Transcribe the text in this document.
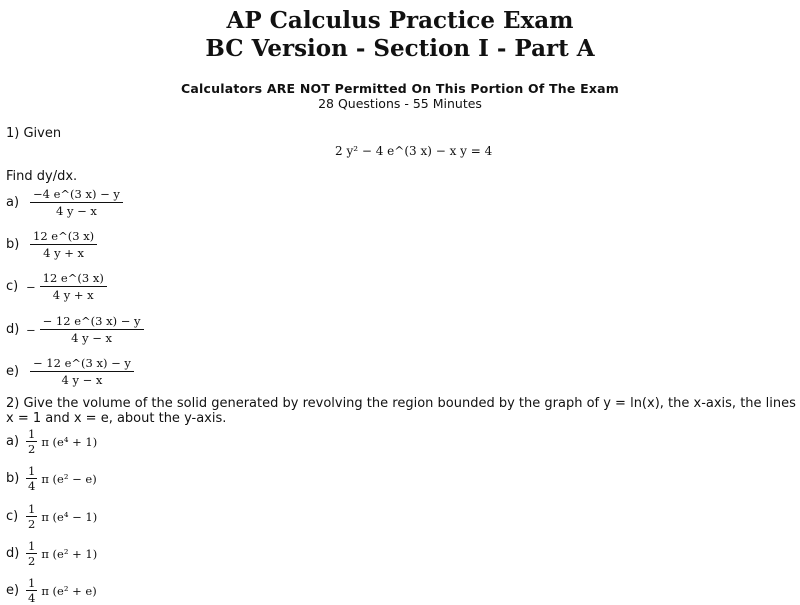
AP Calculus Practice Exam
BC Version - Section I - Part A
Calculators ARE NOT Permitted On This Portion Of The Exam
28 Questions - 55 Minutes
1) Given
2 y² − 4 e^(3 x) − x y = 4
Find dy/dx.
$a) \frac{-4 e\^{}(3 x) - y}{4 y - x}$
$b) \frac{12 e\^{}(3 x)}{4 y + x}$
$c) - \frac{12 e\^{}(3 x)}{4 y + x}$
$d) - \frac{- 12 e\^{}(3 x) - y}{4 y - x}$
$e) \frac{- 12 e\^{}(3 x) - y}{4 y - x}$
2) Give the volume of the solid generated by revolving the region bounded by the graph of y = ln(x), the x-axis, the lines x = 1 and x = e, about the y-axis.
$a) \frac{1}{2}$ π (e⁴ + 1)
$b) \frac{1}{4}$ π (e² − e)
$c) \frac{1}{2}$ π (e⁴ − 1)
$d) \frac{1}{2}$ π (e² + 1)
$e) \frac{1}{4}$ π (e² + e)
